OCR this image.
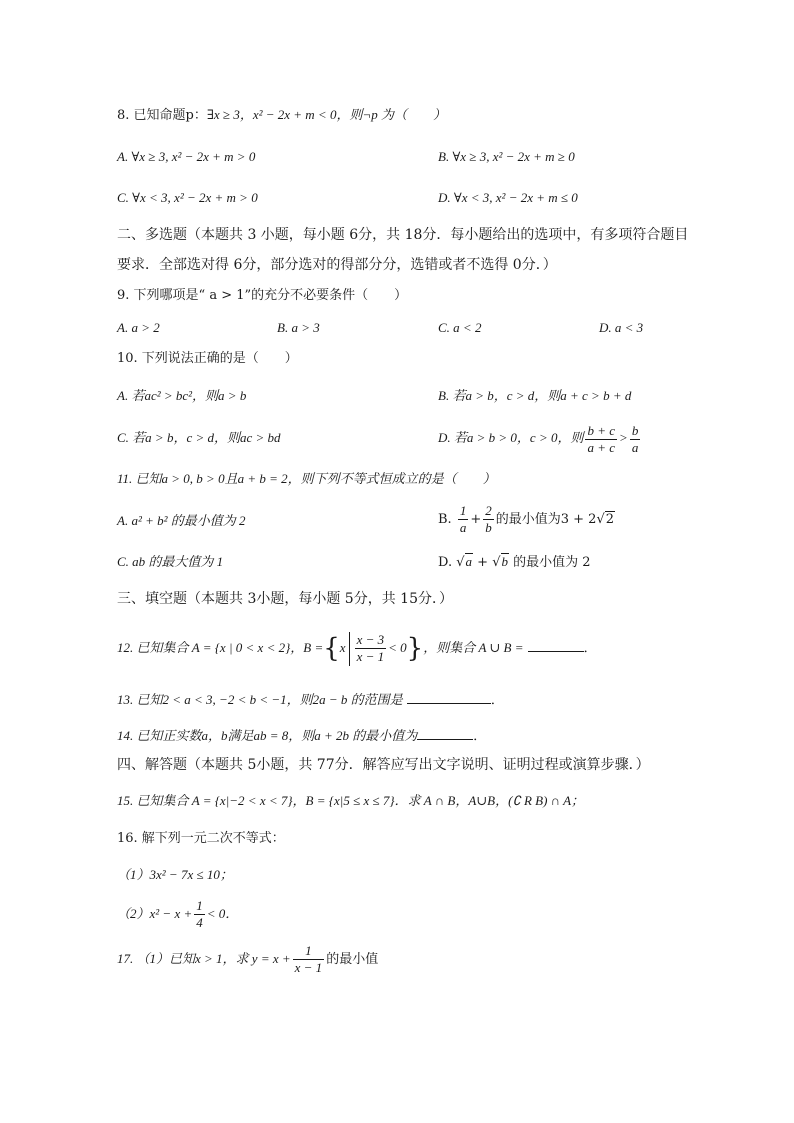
8. 已知命题p：∃x ≥ 3，x² − 2x + m < 0，则¬p 为（　　）
A. ∀x ≥ 3, x² − 2x + m > 0	B. ∀x ≥ 3, x² − 2x + m ≥ 0
C. ∀x < 3, x² − 2x + m > 0	D. ∀x < 3, x² − 2x + m ≤ 0
二、多选题（本题共 3 小题，每小题 6分，共 18分．每小题给出的选项中，有多项符合题目
要求．全部选对得 6分，部分选对的得部分分，选错或者不选得 0分．）
9. 下列哪项是“ a > 1”的充分不必要条件（　　）
A. a > 2	B. a > 3	C. a < 2	D. a < 3
10. 下列说法正确的是（　　）
A. 若ac² > bc²，则a > b	B. 若a > b，c > d，则a + c > b + d
C. 若a > b，c > d，则ac > bd	D. 若a > b > 0，c > 0，则 $\frac{b + c}{a + c} > \frac{b}{a}$
11. 已知a > 0, b > 0且a + b = 2，则下列不等式恒成立的是（　　）
A. a² + b² 的最小值为 2	B. $\frac{1}{a} + \frac{2}{b}$ 的最小值为3 + 2√2
C. ab 的最大值为 1	D. √a + √b 的最小值为 2
三、填空题（本题共 3小题，每小题 5分，共 15分．）
12. 已知集合 A = {x | 0 < x < 2}，$B =\{x \frac{x - 3}{x - 1} < 0\}$，则集合 A ∪ B =	．
13. 已知2 < a < 3, −2 < b < −1，则2a − b 的范围是	．
14. 已知正实数a，b满足ab = 8，则a + 2b 的最小值为	．
四、解答题（本题共 5小题，共 77分．解答应写出文字说明、证明过程或演算步骤．）
15. 已知集合 A = {x|−2 < x < 7}，B = {x|5 ≤ x ≤ 7}．求 A ∩ B，A∪B，(∁ R B) ∩ A；
16. 解下列一元二次不等式：
（1）3x² − 7x ≤ 10；
$(2)x^2 - x + \frac{1}{4} < 0$．
17. （1）已知x > 1，求 $y = x + \frac{1}{x - 1}$ 的最小值
